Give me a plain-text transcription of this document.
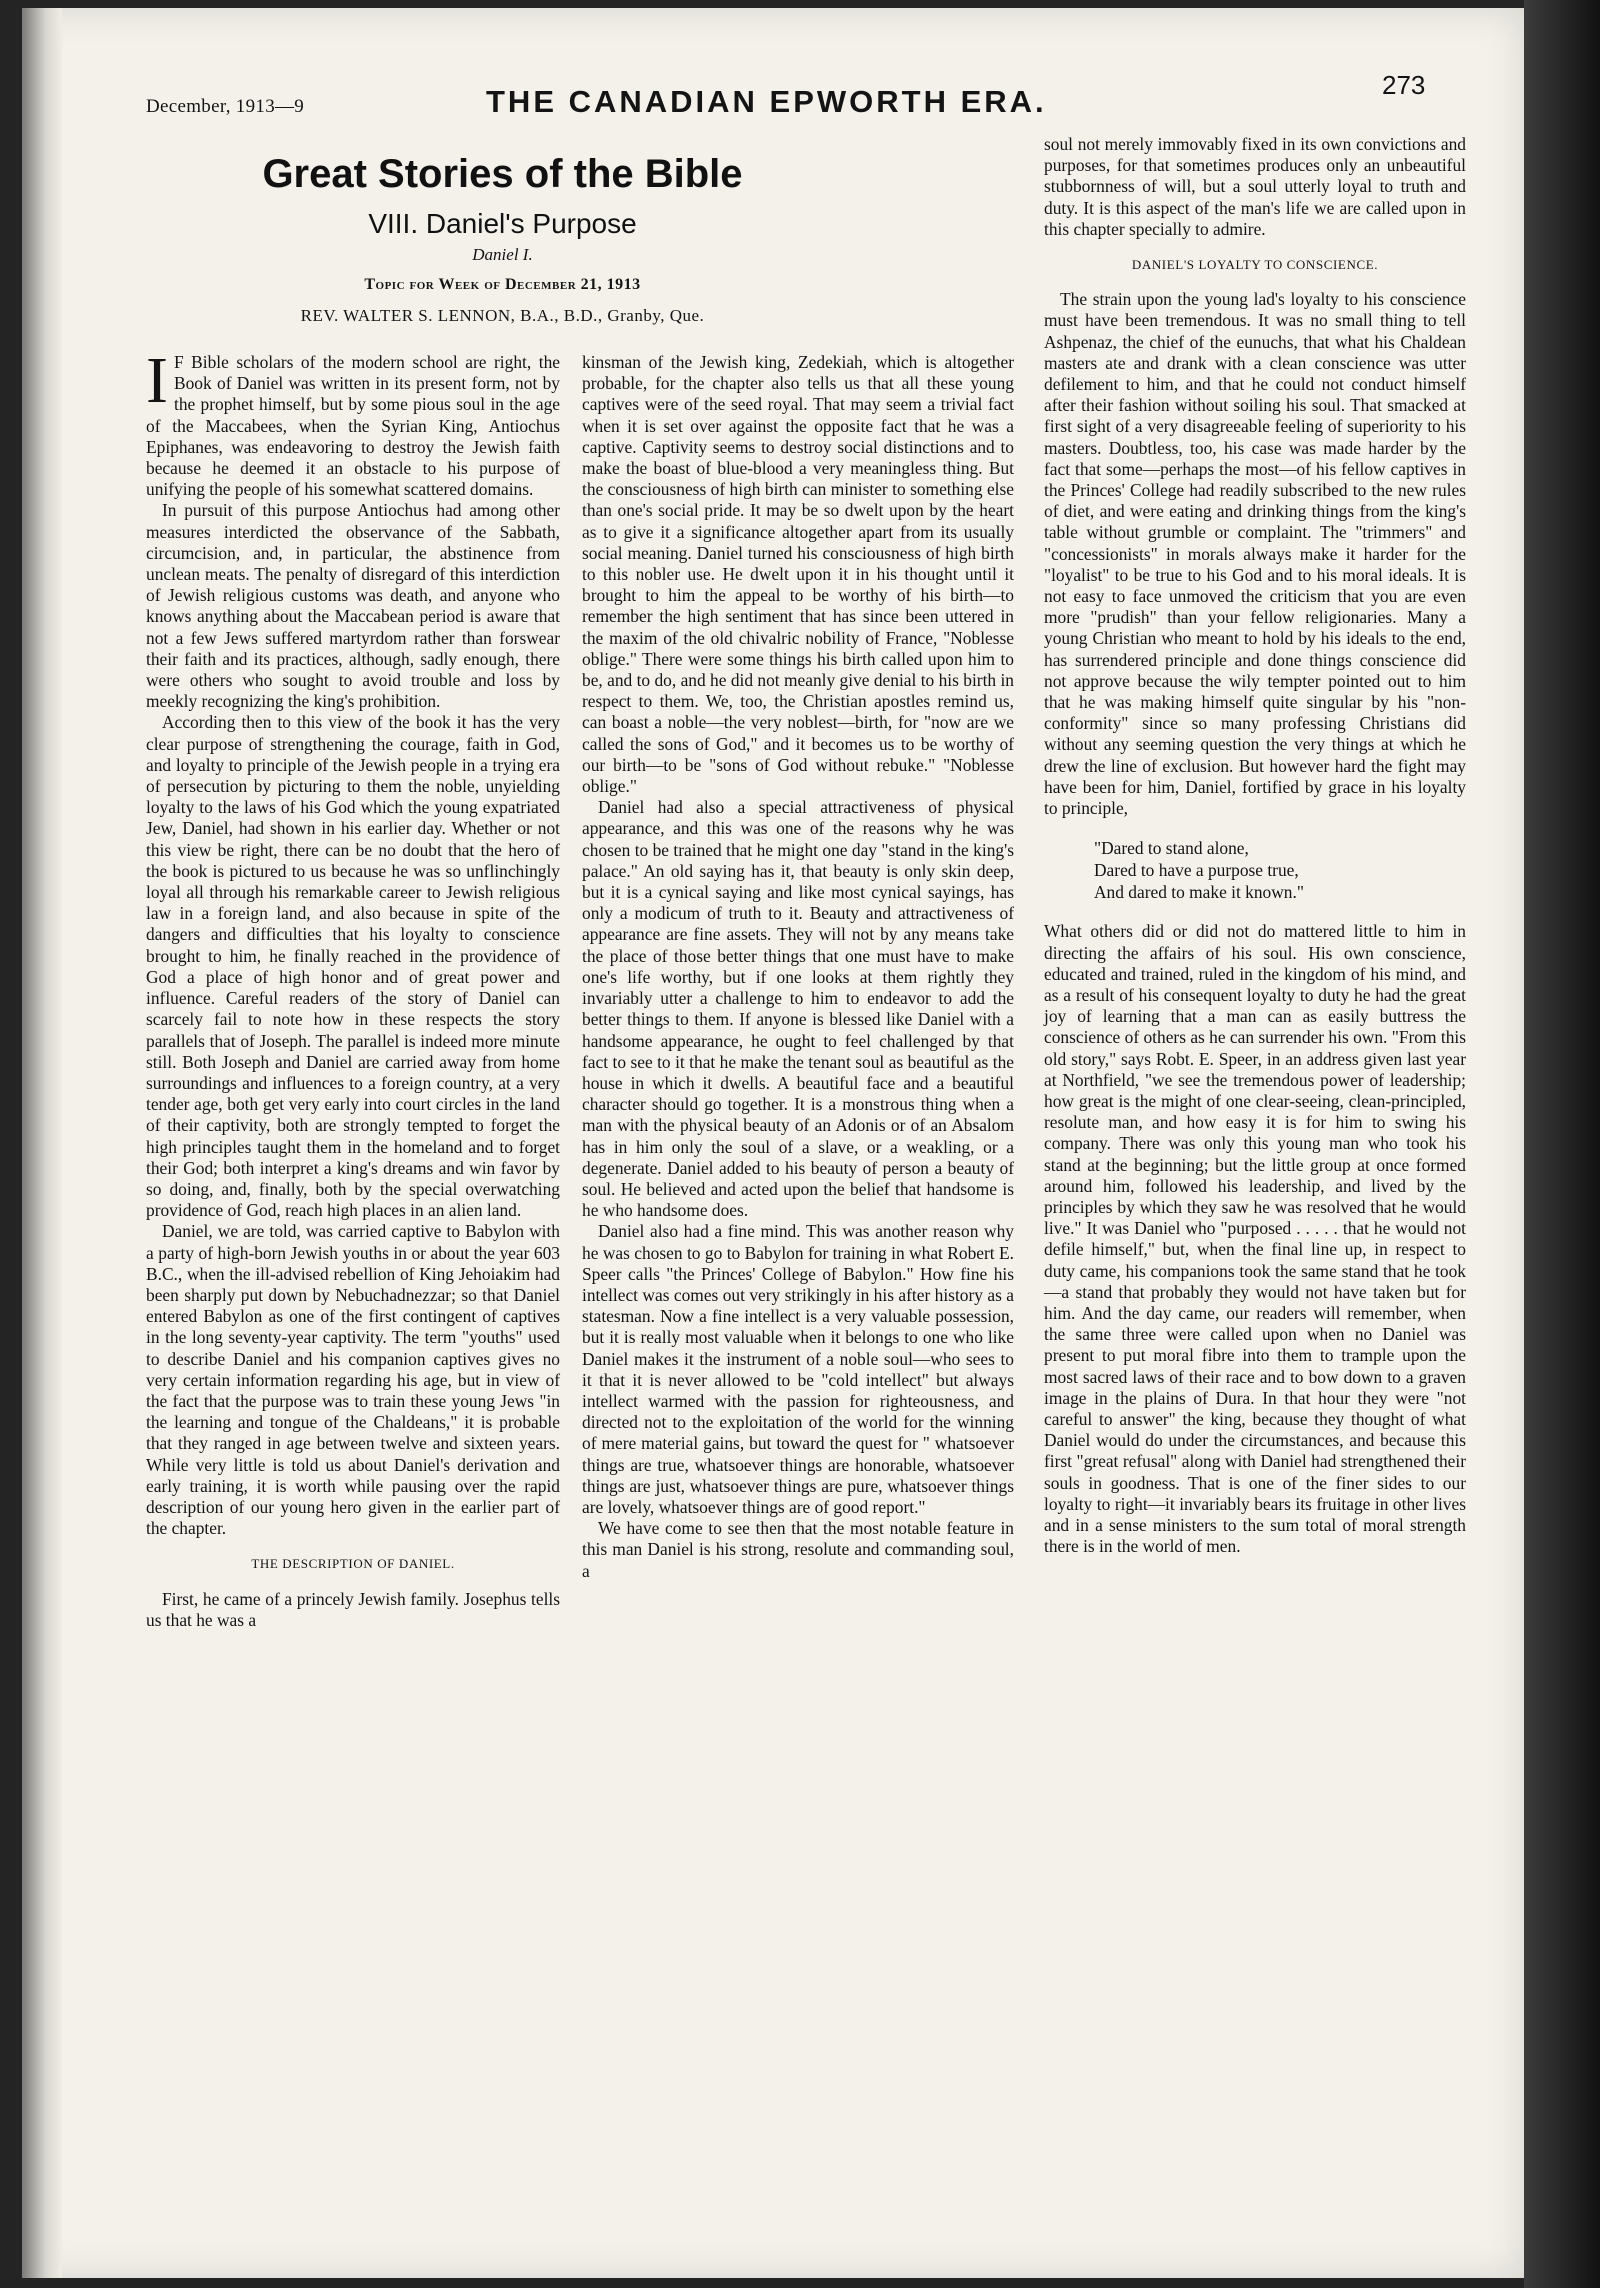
December, 1913—9	THE CANADIAN EPWORTH ERA.	273
Great Stories of the Bible
VIII. Daniel's Purpose
Daniel I.
Topic for Week of December 21, 1913
REV. WALTER S. LENNON, B.A., B.D., Granby, Que.

I F Bible scholars of the modern school are right, the Book of Daniel was written in its present form, not by the prophet himself, but by some pious soul in the age of the Maccabees, when the Syrian King, Antiochus Epiphanes, was endeavoring to destroy the Jewish faith because he deemed it an obstacle to his purpose of unifying the people of his somewhat scattered domains.

In pursuit of this purpose Antiochus had among other measures interdicted the observance of the Sabbath, circumcision, and, in particular, the abstinence from unclean meats. The penalty of disregard of this interdiction of Jewish religious customs was death, and anyone who knows anything about the Maccabean period is aware that not a few Jews suffered martyrdom rather than forswear their faith and its practices, although, sadly enough, there were others who sought to avoid trouble and loss by meekly recognizing the king's prohibition.

According then to this view of the book it has the very clear purpose of strengthening the courage, faith in God, and loyalty to principle of the Jewish people in a trying era of persecution by picturing to them the noble, unyielding loyalty to the laws of his God which the young expatriated Jew, Daniel, had shown in his earlier day. Whether or not this view be right, there can be no doubt that the hero of the book is pictured to us because he was so unflinchingly loyal all through his remarkable career to Jewish religious law in a foreign land, and also because in spite of the dangers and difficulties that his loyalty to conscience brought to him, he finally reached in the providence of God a place of high honor and of great power and influence. Careful readers of the story of Daniel can scarcely fail to note how in these respects the story parallels that of Joseph. The parallel is indeed more minute still. Both Joseph and Daniel are carried away from home surroundings and influences to a foreign country, at a very tender age, both get very early into court circles in the land of their captivity, both are strongly tempted to forget the high principles taught them in the homeland and to forget their God; both interpret a king's dreams and win favor by so doing, and, finally, both by the special overwatching providence of God, reach high places in an alien land.

Daniel, we are told, was carried captive to Babylon with a party of high-born Jewish youths in or about the year 603 B.C., when the ill-advised rebellion of King Jehoiakim had been sharply put down by Nebuchadnezzar; so that Daniel entered Babylon as one of the first contingent of captives in the long seventy-year captivity. The term "youths" used to describe Daniel and his companion captives gives no very certain information regarding his age, but in view of the fact that the purpose was to train these young Jews "in the learning and tongue of the Chaldeans," it is probable that they ranged in age between twelve and sixteen years. While very little is told us about Daniel's derivation and early training, it is worth while pausing over the rapid description of our young hero given in the earlier part of the chapter.

THE DESCRIPTION OF DANIEL.

First, he came of a princely Jewish family. Josephus tells us that he was a

kinsman of the Jewish king, Zedekiah, which is altogether probable, for the chapter also tells us that all these young captives were of the seed royal. That may seem a trivial fact when it is set over against the opposite fact that he was a captive. Captivity seems to destroy social distinctions and to make the boast of blue-blood a very meaningless thing. But the consciousness of high birth can minister to something else than one's social pride. It may be so dwelt upon by the heart as to give it a significance altogether apart from its usually social meaning. Daniel turned his consciousness of high birth to this nobler use. He dwelt upon it in his thought until it brought to him the appeal to be worthy of his birth—to remember the high sentiment that has since been uttered in the maxim of the old chivalric nobility of France, "Noblesse oblige." There were some things his birth called upon him to be, and to do, and he did not meanly give denial to his birth in respect to them. We, too, the Christian apostles remind us, can boast a noble—the very noblest—birth, for "now are we called the sons of God," and it becomes us to be worthy of our birth—to be "sons of God without rebuke." "Noblesse oblige."

Daniel had also a special attractiveness of physical appearance, and this was one of the reasons why he was chosen to be trained that he might one day "stand in the king's palace." An old saying has it, that beauty is only skin deep, but it is a cynical saying and like most cynical sayings, has only a modicum of truth to it. Beauty and attractiveness of appearance are fine assets. They will not by any means take the place of those better things that one must have to make one's life worthy, but if one looks at them rightly they invariably utter a challenge to him to endeavor to add the better things to them. If anyone is blessed like Daniel with a handsome appearance, he ought to feel challenged by that fact to see to it that he make the tenant soul as beautiful as the house in which it dwells. A beautiful face and a beautiful character should go together. It is a monstrous thing when a man with the physical beauty of an Adonis or of an Absalom has in him only the soul of a slave, or a weakling, or a degenerate. Daniel added to his beauty of person a beauty of soul. He believed and acted upon the belief that handsome is he who handsome does.

Daniel also had a fine mind. This was another reason why he was chosen to go to Babylon for training in what Robert E. Speer calls "the Princes' College of Babylon." How fine his intellect was comes out very strikingly in his after history as a statesman. Now a fine intellect is a very valuable possession, but it is really most valuable when it belongs to one who like Daniel makes it the instrument of a noble soul—who sees to it that it is never allowed to be "cold intellect" but always intellect warmed with the passion for righteousness, and directed not to the exploitation of the world for the winning of mere material gains, but toward the quest for " whatsoever things are true, whatsoever things are honorable, whatsoever things are just, whatsoever things are pure, whatsoever things are lovely, whatsoever things are of good report."

We have come to see then that the most notable feature in this man Daniel is his strong, resolute and commanding soul, a

soul not merely immovably fixed in its own convictions and purposes, for that sometimes produces only an unbeautiful stubbornness of will, but a soul utterly loyal to truth and duty. It is this aspect of the man's life we are called upon in this chapter specially to admire.

DANIEL'S LOYALTY TO CONSCIENCE.

The strain upon the young lad's loyalty to his conscience must have been tremendous. It was no small thing to tell Ashpenaz, the chief of the eunuchs, that what his Chaldean masters ate and drank with a clean conscience was utter defilement to him, and that he could not conduct himself after their fashion without soiling his soul. That smacked at first sight of a very disagreeable feeling of superiority to his masters. Doubtless, too, his case was made harder by the fact that some—perhaps the most—of his fellow captives in the Princes' College had readily subscribed to the new rules of diet, and were eating and drinking things from the king's table without grumble or complaint. The "trimmers" and "concessionists" in morals always make it harder for the "loyalist" to be true to his God and to his moral ideals. It is not easy to face unmoved the criticism that you are even more "prudish" than your fellow religionaries. Many a young Christian who meant to hold by his ideals to the end, has surrendered principle and done things conscience did not approve because the wily tempter pointed out to him that he was making himself quite singular by his "non-conformity" since so many professing Christians did without any seeming question the very things at which he drew the line of exclusion. But however hard the fight may have been for him, Daniel, fortified by grace in his loyalty to principle,

"Dared to stand alone,
Dared to have a purpose true,
And dared to make it known."

What others did or did not do mattered little to him in directing the affairs of his soul. His own conscience, educated and trained, ruled in the kingdom of his mind, and as a result of his consequent loyalty to duty he had the great joy of learning that a man can as easily buttress the conscience of others as he can surrender his own. "From this old story," says Robt. E. Speer, in an address given last year at Northfield, "we see the tremendous power of leadership; how great is the might of one clear-seeing, clean-principled, resolute man, and how easy it is for him to swing his company. There was only this young man who took his stand at the beginning; but the little group at once formed around him, followed his leadership, and lived by the principles by which they saw he was resolved that he would live." It was Daniel who "purposed . . . . . that he would not defile himself," but, when the final line up, in respect to duty came, his companions took the same stand that he took—a stand that probably they would not have taken but for him. And the day came, our readers will remember, when the same three were called upon when no Daniel was present to put moral fibre into them to trample upon the most sacred laws of their race and to bow down to a graven image in the plains of Dura. In that hour they were "not careful to answer" the king, because they thought of what Daniel would do under the circumstances, and because this first "great refusal" along with Daniel had strengthened their souls in goodness. That is one of the finer sides to our loyalty to right—it invariably bears its fruitage in other lives and in a sense ministers to the sum total of moral strength there is in the world of men.
